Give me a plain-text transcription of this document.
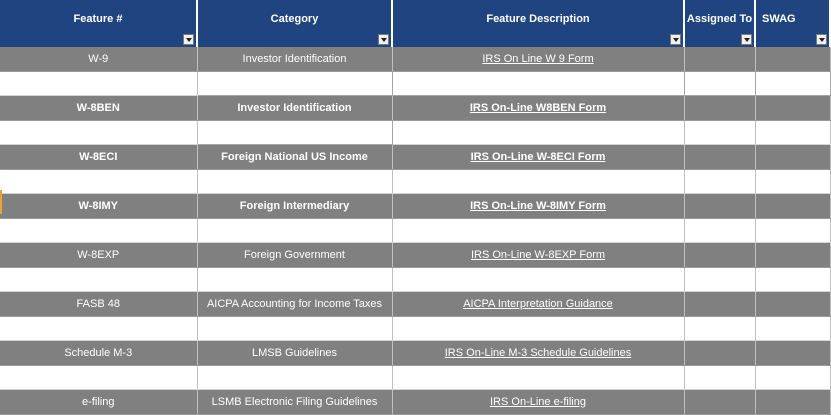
Feature #	Category	Feature Description	Assigned To	SWAG

W-9	Investor Identification	IRS On Line W 9 Form		

W-8BEN	Investor Identification	IRS On-Line W8BEN Form		

W-8ECI	Foreign National US Income	IRS On-Line W-8ECI Form		

W-8IMY	Foreign Intermediary	IRS On-Line W-8IMY Form		

W-8EXP	Foreign Government	IRS On-Line W-8EXP Form		

FASB 48	AICPA Accounting for Income Taxes	AICPA Interpretation Guidance		

Schedule M-3	LMSB Guidelines	IRS On-Line M-3 Schedule Guidelines		

e-filing	LSMB Electronic Filing Guidelines	IRS On-Line e-filing		
